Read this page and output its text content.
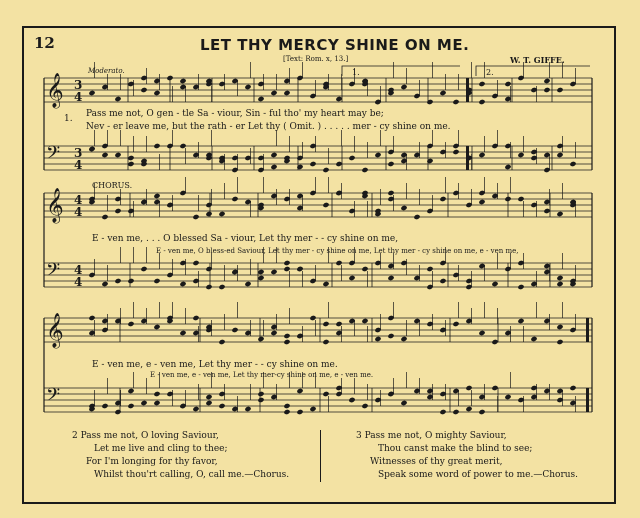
12	LET THY MERCY SHINE ON ME.
[Text: Rom. x, 13.]	W. T. GIFFE.
Moderato.
𝄞 3
4
𝄢 3
4
𝄞 4
4
𝄢 4
4
𝄞
𝄢
1. Pass me not, O gen - tle Sa - viour, Sin - ful tho' my heart may be;
Nev - er leave me, but the rath - er Let thy ( Omit. ) . . . . . mer - cy shine on me.
1.	2.
CHORUS.
E - ven me, . . . O blessed Sa - viour, Let thy mer - - cy shine on me,
E - ven me, O bless-ed Saviour, Let thy mer - cy shine on me, Let thy mer - cy shine on me, e - ven me,
E - ven me, e - ven me, Let thy mer - - cy shine on me.
E - ven me, e - ven me, Let thy mer-cy shine on me, e - ven me.
2 Pass me not, O loving Saviour,
Let me live and cling to thee;
For I'm longing for thy favor,
Whilst thou'rt calling, O, call me.—Chorus.
3 Pass me not, O mighty Saviour,
Thou canst make the blind to see;
Witnesses of thy great merit,
Speak some word of power to me.—Chorus.
